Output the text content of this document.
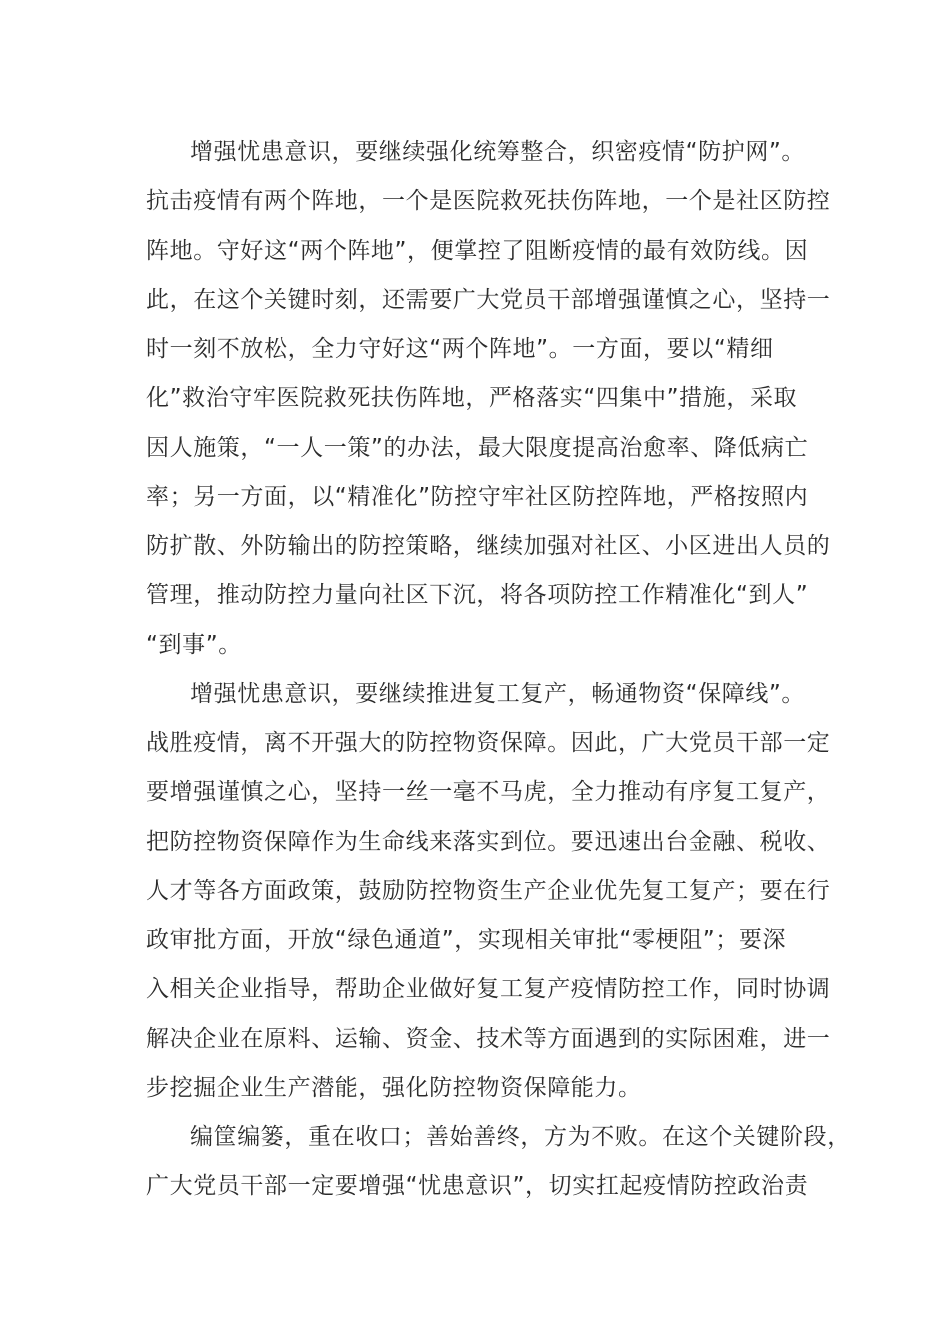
增强忧患意识，要继续强化统筹整合，织密疫情“防护网”。

抗击疫情有两个阵地，一个是医院救死扶伤阵地，一个是社区防控

阵地。守好这“两个阵地”，便掌控了阻断疫情的最有效防线。因

此，在这个关键时刻，还需要广大党员干部增强谨慎之心，坚持一

时一刻不放松，全力守好这“两个阵地”。一方面，要以“精细

化”救治守牢医院救死扶伤阵地，严格落实“四集中”措施，采取

因人施策，“一人一策”的办法，最大限度提高治愈率、降低病亡

率；另一方面，以“精准化”防控守牢社区防控阵地，严格按照内

防扩散、外防输出的防控策略，继续加强对社区、小区进出人员的

管理，推动防控力量向社区下沉，将各项防控工作精准化“到人”

“到事”。

增强忧患意识，要继续推进复工复产，畅通物资“保障线”。

战胜疫情，离不开强大的防控物资保障。因此，广大党员干部一定

要增强谨慎之心，坚持一丝一毫不马虎，全力推动有序复工复产，

把防控物资保障作为生命线来落实到位。要迅速出台金融、税收、

人才等各方面政策，鼓励防控物资生产企业优先复工复产；要在行

政审批方面，开放“绿色通道”，实现相关审批“零梗阻”；要深

入相关企业指导，帮助企业做好复工复产疫情防控工作，同时协调

解决企业在原料、运输、资金、技术等方面遇到的实际困难，进一

步挖掘企业生产潜能，强化防控物资保障能力。

编筐编篓，重在收口；善始善终，方为不败。在这个关键阶段，

广大党员干部一定要增强“忧患意识”，切实扛起疫情防控政治责
